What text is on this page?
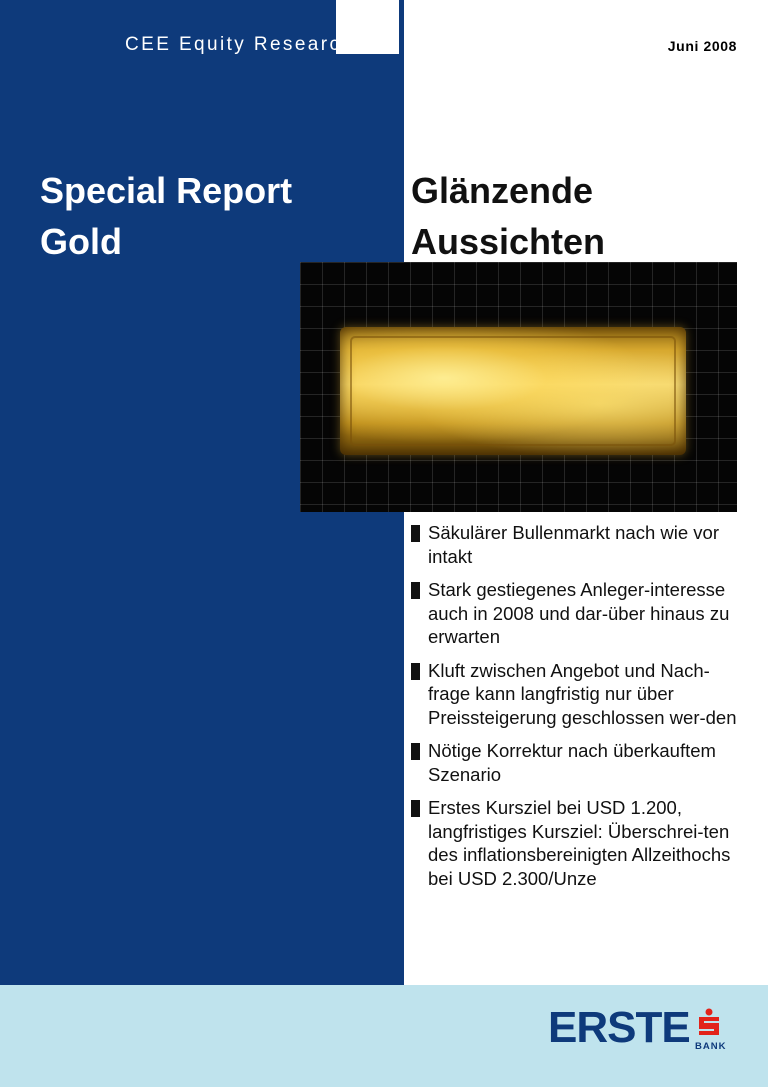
CEE Equity Research	Juni 2008
Special Report
Gold
Glänzende
Aussichten
Säkulärer Bullenmarkt nach wie vor intakt
Stark gestiegenes Anleger-interesse auch in 2008 und dar-über hinaus zu erwarten
Kluft zwischen Angebot und Nach-frage kann langfristig nur über Preissteigerung geschlossen wer-den
Nötige Korrektur nach überkauftem Szenario
Erstes Kursziel bei USD 1.200, langfristiges Kursziel: Überschrei-ten des inflationsbereinigten Allzeithochs bei USD 2.300/Unze
ERSTE BANK
